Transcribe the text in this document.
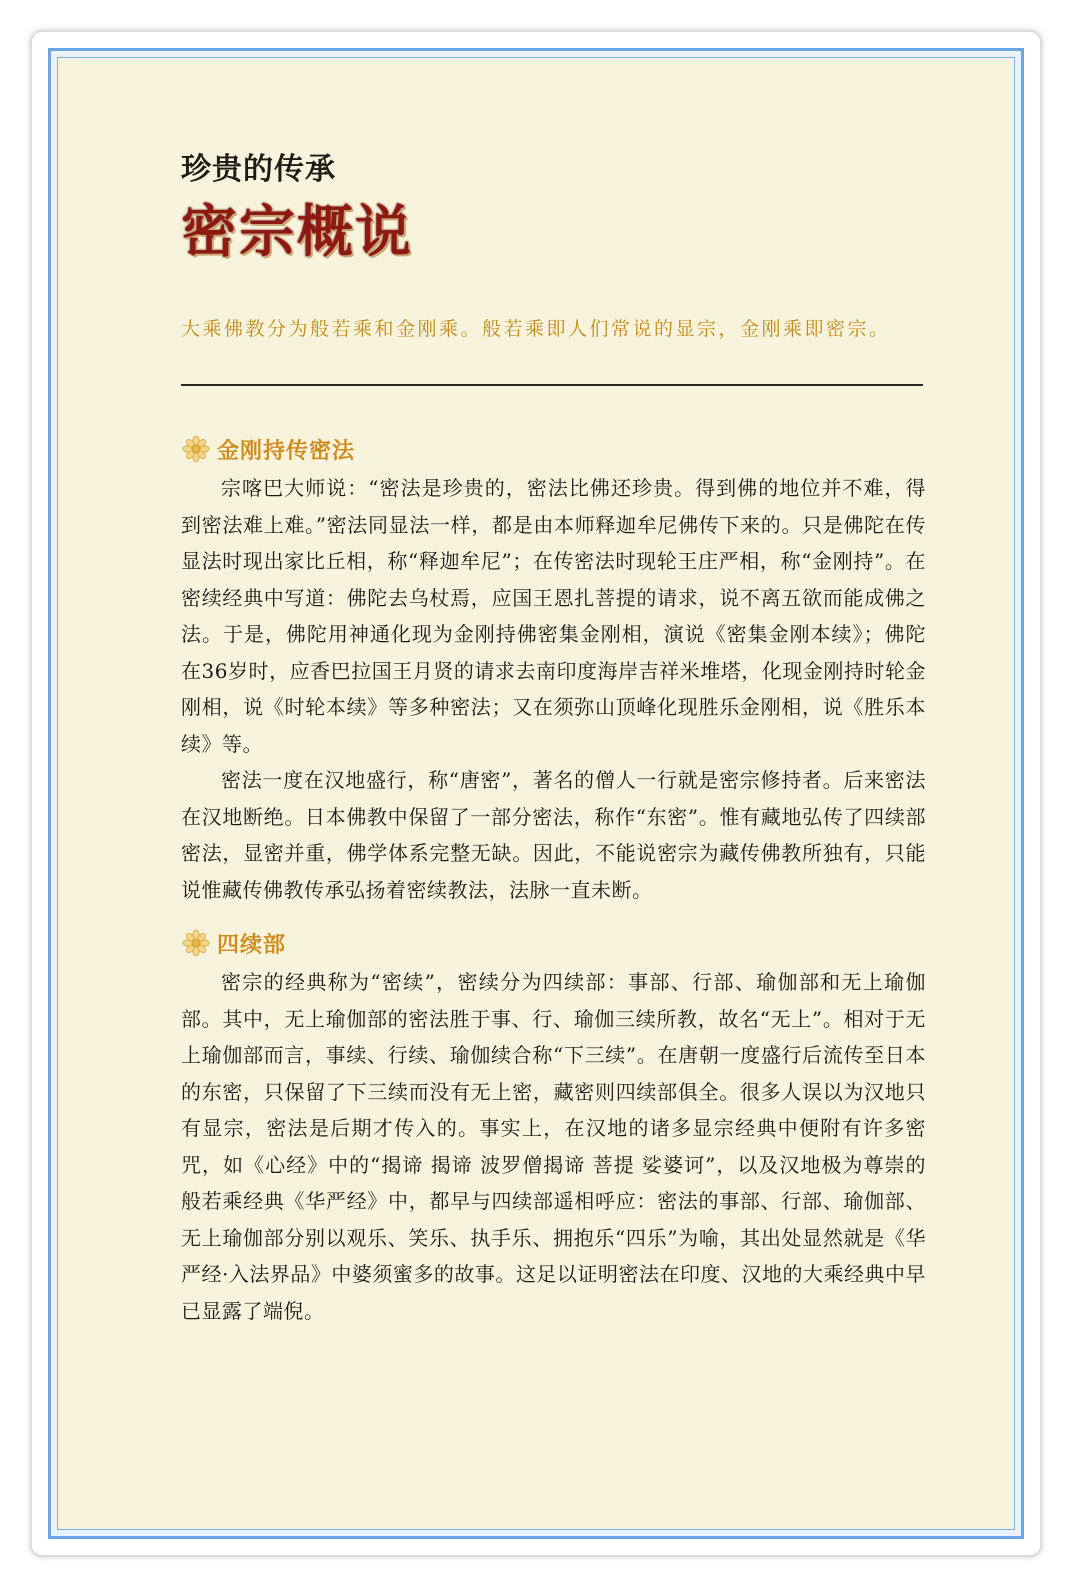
珍贵的传承
密宗概说
大乘佛教分为般若乘和金刚乘。般若乘即人们常说的显宗，金刚乘即密宗。
金刚持传密法

宗喀巴大师说：“密法是珍贵的，密法比佛还珍贵。得到佛的地位并不难，得到密法难上难。”密法同显法一样，都是由本师释迦牟尼佛传下来的。只是佛陀在传显法时现出家比丘相，称“释迦牟尼”；在传密法时现轮王庄严相，称“金刚持”。在密续经典中写道：佛陀去乌杖焉，应国王恩扎菩提的请求，说不离五欲而能成佛之法。于是，佛陀用神通化现为金刚持佛密集金刚相，演说《密集金刚本续》；佛陀在36岁时，应香巴拉国王月贤的请求去南印度海岸吉祥米堆塔，化现金刚持时轮金刚相，说《时轮本续》等多种密法；又在须弥山顶峰化现胜乐金刚相，说《胜乐本续》等。

密法一度在汉地盛行，称“唐密”，著名的僧人一行就是密宗修持者。后来密法在汉地断绝。日本佛教中保留了一部分密法，称作“东密”。惟有藏地弘传了四续部密法，显密并重，佛学体系完整无缺。因此，不能说密宗为藏传佛教所独有，只能说惟藏传佛教传承弘扬着密续教法，法脉一直未断。

四续部

密宗的经典称为“密续”，密续分为四续部：事部、行部、瑜伽部和无上瑜伽部。其中，无上瑜伽部的密法胜于事、行、瑜伽三续所教，故名“无上”。相对于无上瑜伽部而言，事续、行续、瑜伽续合称“下三续”。在唐朝一度盛行后流传至日本的东密，只保留了下三续而没有无上密，藏密则四续部俱全。很多人误以为汉地只有显宗，密法是后期才传入的。事实上，在汉地的诸多显宗经典中便附有许多密咒，如《心经》中的“揭谛 揭谛 波罗僧揭谛 菩提 娑婆诃”，以及汉地极为尊崇的般若乘经典《华严经》中，都早与四续部遥相呼应：密法的事部、行部、瑜伽部、无上瑜伽部分别以观乐、笑乐、执手乐、拥抱乐“四乐”为喻，其出处显然就是《华严经·入法界品》中婆须蜜多的故事。这足以证明密法在印度、汉地的大乘经典中早已显露了端倪。
